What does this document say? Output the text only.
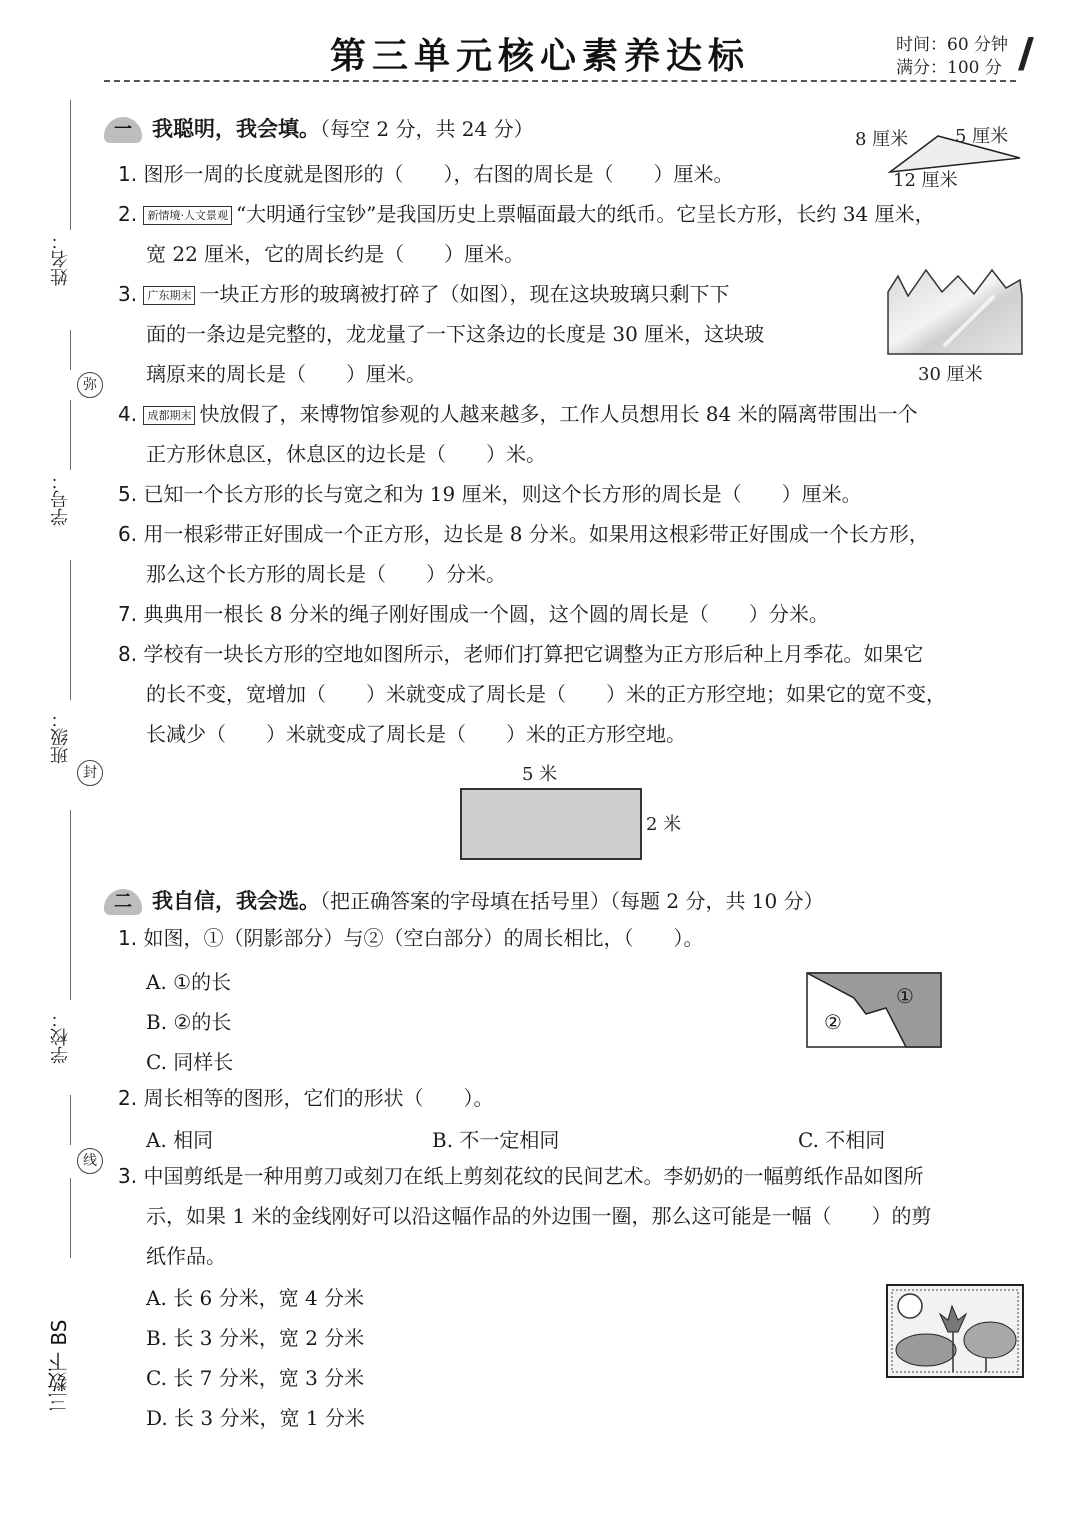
第三单元核心素养达标	时间：60 分钟
满分：100 分 ///
姓名：
弥
学号：
班级：
封
学校：
线
三数下 BS
一 我聪明，我会填。（每空 2 分，共 24 分）	8 厘米	5 厘米
12 厘米
1. 图形一周的长度就是图形的（　　），右图的周长是（　　）厘米。
2. 新情境·人文景观 “大明通行宝钞”是我国历史上票幅面最大的纸币。它呈长方形，长约 34 厘米，
宽 22 厘米，它的周长约是（　　）厘米。
3. 广东期末 一块正方形的玻璃被打碎了（如图），现在这块玻璃只剩下下
面的一条边是完整的，龙龙量了一下这条边的长度是 30 厘米，这块玻
璃原来的周长是（　　）厘米。	30 厘米
4. 成都期末 快放假了，来博物馆参观的人越来越多，工作人员想用长 84 米的隔离带围出一个
正方形休息区，休息区的边长是（　　）米。
5. 已知一个长方形的长与宽之和为 19 厘米，则这个长方形的周长是（　　）厘米。
6. 用一根彩带正好围成一个正方形，边长是 8 分米。如果用这根彩带正好围成一个长方形，
那么这个长方形的周长是（　　）分米。
7. 典典用一根长 8 分米的绳子刚好围成一个圆，这个圆的周长是（　　）分米。
8. 学校有一块长方形的空地如图所示，老师们打算把它调整为正方形后种上月季花。如果它
的长不变，宽增加（　　）米就变成了周长是（　　）米的正方形空地；如果它的宽不变，
长减少（　　）米就变成了周长是（　　）米的正方形空地。
5 米
2 米
二 我自信，我会选。（把正确答案的字母填在括号里）（每题 2 分，共 10 分）
1. 如图，①（阴影部分）与②（空白部分）的周长相比，（　　）。
A. ①的长
B. ②的长
C. 同样长
①
②
2. 周长相等的图形，它们的形状（　　）。
A. 相同	B. 不一定相同	C. 不相同
3. 中国剪纸是一种用剪刀或刻刀在纸上剪刻花纹的民间艺术。李奶奶的一幅剪纸作品如图所
示，如果 1 米的金线刚好可以沿这幅作品的外边围一圈，那么这可能是一幅（　　）的剪
纸作品。
A. 长 6 分米，宽 4 分米
B. 长 3 分米，宽 2 分米
C. 长 7 分米，宽 3 分米
D. 长 3 分米，宽 1 分米
